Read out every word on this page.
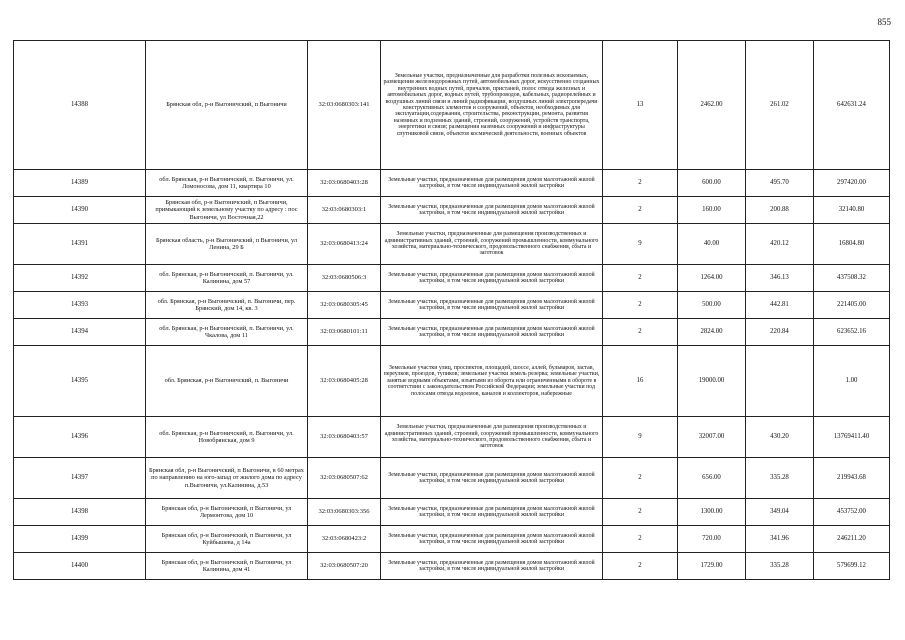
855
14388	Брянская обл, р-н Выгоничский, п Выгоничи	32:03:0680303:141	Земельные участки, предназначенные для разработки полезных ископаемых, размещения железнодорожных путей, автомобильных дорог, искусственно созданных внутренних водных путей, причалов, пристаней, полос отвода железных и автомобильных дорог, водных путей, трубопроводов, кабельных, радиорелейных и воздушных линий связи и линий радиофикации, воздушных линий электропередачи конструктивных элементов и сооружений, объектов, необходимых для эксплуатации,содержания, строительства, реконструкции, ремонта, развития наземных и подземных зданий, строений, сооружений, устройств транспорта, энергетики и связи; размещения наземных сооружений и инфраструктуры спутниковой связи, объектов космической деятельности, военных объектов	13	2462.00	261.02	642631.24
14389	обл. Брянская, р-н Выгоничский, п. Выгоничи, ул. Ломоносова, дом 11, квартира 10	32:03:0680403:28	Земельные участки, предназначенные для размещения домов малоэтажной жилой застройки, в том числе индивидуальной жилой застройки	2	600.00	495.70	297420.00
14390	Брянская обл, р-н Выгоничский, п Выгоничи, примыкающий к земельному участку по адресу : пос Выгоничи, ул Восточная,22	32:03:0680303:1	Земельные участки, предназначенные для размещения домов малоэтажной жилой застройки, в том числе индивидуальной жилой застройки	2	160.00	200.88	32140.80
14391	Брянская область, р-н Выгоничский, п Выгоничи, ул Ленина, 29 Б	32:03:0680413:24	Земельные участки, предназначенные для размещения производственных и административных зданий, строений, сооружений промышленности, коммунального хозяйства, материально-технического, продовольственного снабжения, сбыта и заготовок	9	40.00	420.12	16804.80
14392	обл. Брянская, р-н Выгоничский, п. Выгоничи, ул. Калинина, дом 57	32:03:0680506:3	Земельные участки, предназначенные для размещения домов малоэтажной жилой застройки, в том числе индивидуальной жилой застройки	2	1264.00	346.13	437508.32
14393	обл. Брянская, р-н Выгоничский, п. Выгоничи, пер. Брянский, дом 14, кв. 3	32:03:0680305:45	Земельные участки, предназначенные для размещения домов малоэтажной жилой застройки, в том числе индивидуальной жилой застройки	2	500.00	442.81	221405.00
14394	обл. Брянская, р-н Выгоничский, п. Выгоничи, ул. Чкалова, дом 11	32:03:0680101:11	Земельные участки, предназначенные для размещения домов малоэтажной жилой застройки, в том числе индивидуальной жилой застройки	2	2824.00	220.84	623652.16
14395	обл. Брянская, р-н Выгоничский, п. Выгоничи	32:03:0680405:28	Земельные участки улиц, проспектов, площадей, шоссе, аллей, бульваров, застав, переулков, проездов, тупиков; земельные участки земель резерва; земельные участки, занятые водными объектами, изъятыми из оборота или ограниченными в обороте в соответствии с законодательством Российской Федерации; земельные участки под полосами отвода водоемов, каналов и коллекторов, набережные	16	19000.00		1.00
14396	обл. Брянская, р-н Выгоничский, п. Выгоничи, ул. Новобрянская, дом 9	32:03:0680403:57	Земельные участки, предназначенные для размещения производственных и административных зданий, строений, сооружений промышленности, коммунального хозяйства, материально-технического, продовольственного снабжения, сбыта и заготовок	9	32007.00	430.20	13769411.40
14397	Брянская обл, р-н Выгоничский, п Выгоничи, в 60 метрах по направлению на юго-запад от жилого дома по адресу п.Выгоничи, ул.Калинина, д.53	32:03:0680507:62	Земельные участки, предназначенные для размещения домов малоэтажной жилой застройки, в том числе индивидуальной жилой застройки	2	656.00	335.28	219943.68
14398	Брянская обл, р-н Выгоничский, п Выгоничи, ул Лермонтова, дом 10	32:03:0680303:356	Земельные участки, предназначенные для размещения домов малоэтажной жилой застройки, в том числе индивидуальной жилой застройки	2	1300.00	349.04	453752.00
14399	Брянская обл, р-н Выгоничский, п Выгоничи, ул Куйбышева, д 14а	32:03:0680423:2	Земельные участки, предназначенные для размещения домов малоэтажной жилой застройки, в том числе индивидуальной жилой застройки	2	720.00	341.96	246211.20
14400	Брянская обл, р-н Выгоничский, п Выгоничи, ул Калинина, дом 41	32:03:0680507:20	Земельные участки, предназначенные для размещения домов малоэтажной жилой застройки, в том числе индивидуальной жилой застройки	2	1729.00	335.28	579699.12
